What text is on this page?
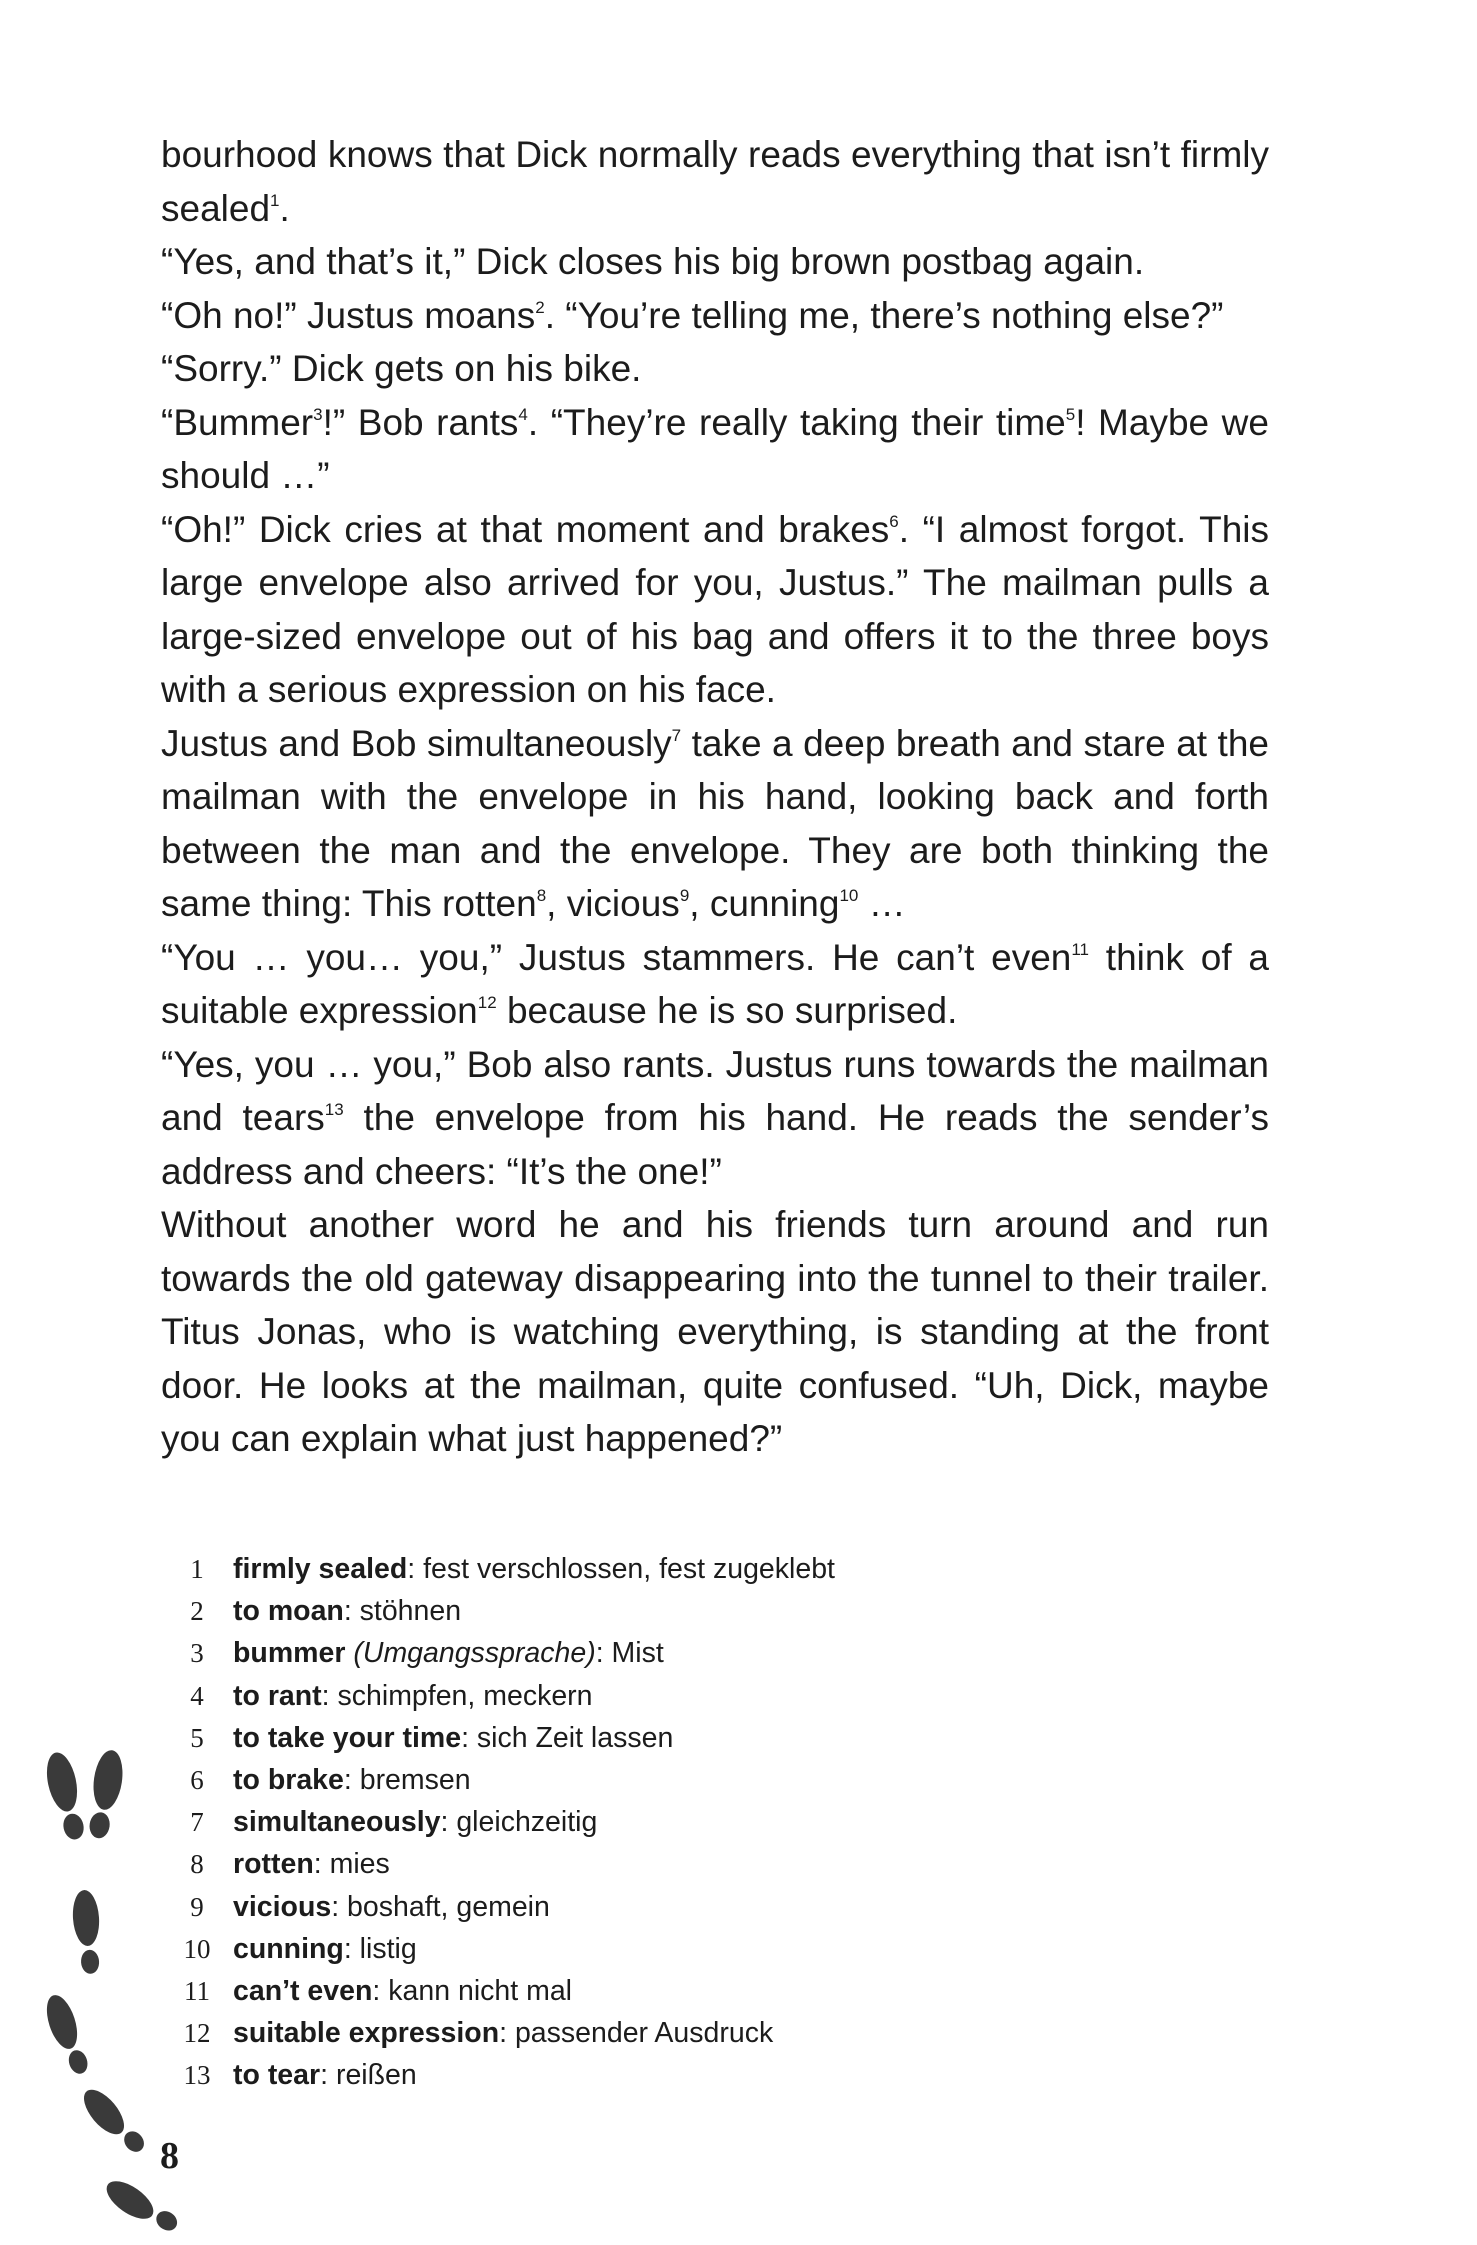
bourhood knows that Dick normally reads everything that isn’t firmly sealed$^1$.

“Yes, and that’s it,” Dick closes his big brown postbag again.

“Oh no!” Justus moans$^2$. “You’re telling me, there’s nothing else?”

“Sorry.” Dick gets on his bike.

“Bummer$^3$!” Bob rants$^4$. “They’re really taking their time$^5$! Maybe we should …”

“Oh!” Dick cries at that moment and brakes$^6$. “I almost forgot. This large envelope also arrived for you, Justus.” The mailman pulls a large-sized envelope out of his bag and offers it to the three boys with a serious expression on his face.

Justus and Bob simultaneously$^7$ take a deep breath and stare at the mailman with the envelope in his hand, looking back and forth between the man and the envelope. They are both thinking the same thing: This rotten$^8$, vicious$^9$, cunning$^{10}$ …

“You … you… you,” Justus stammers. He can’t even$^{11}$ think of a suitable expression$^{12}$ because he is so surprised.

“Yes, you … you,” Bob also rants. Justus runs towards the mailman and tears$^{13}$ the envelope from his hand. He reads the sender’s address and cheers: “It’s the one!”

Without another word he and his friends turn around and run towards the old gateway disappearing into the tunnel to their trailer. Titus Jonas, who is watching everything, is standing at the front door. He looks at the mailman, quite confused. “Uh, Dick, maybe you can explain what just happened?”

1	firmly sealed: fest verschlossen, fest zugeklebt
2	to moan: stöhnen
3	bummer (Umgangssprache): Mist
4	to rant: schimpfen, meckern
5	to take your time: sich Zeit lassen
6	to brake: bremsen
7	simultaneously: gleichzeitig
8	rotten: mies
9	vicious: boshaft, gemein
10 cunning: listig
11 can’t even: kann nicht mal
12 suitable expression: passender Ausdruck
13 to tear: reißen
8
